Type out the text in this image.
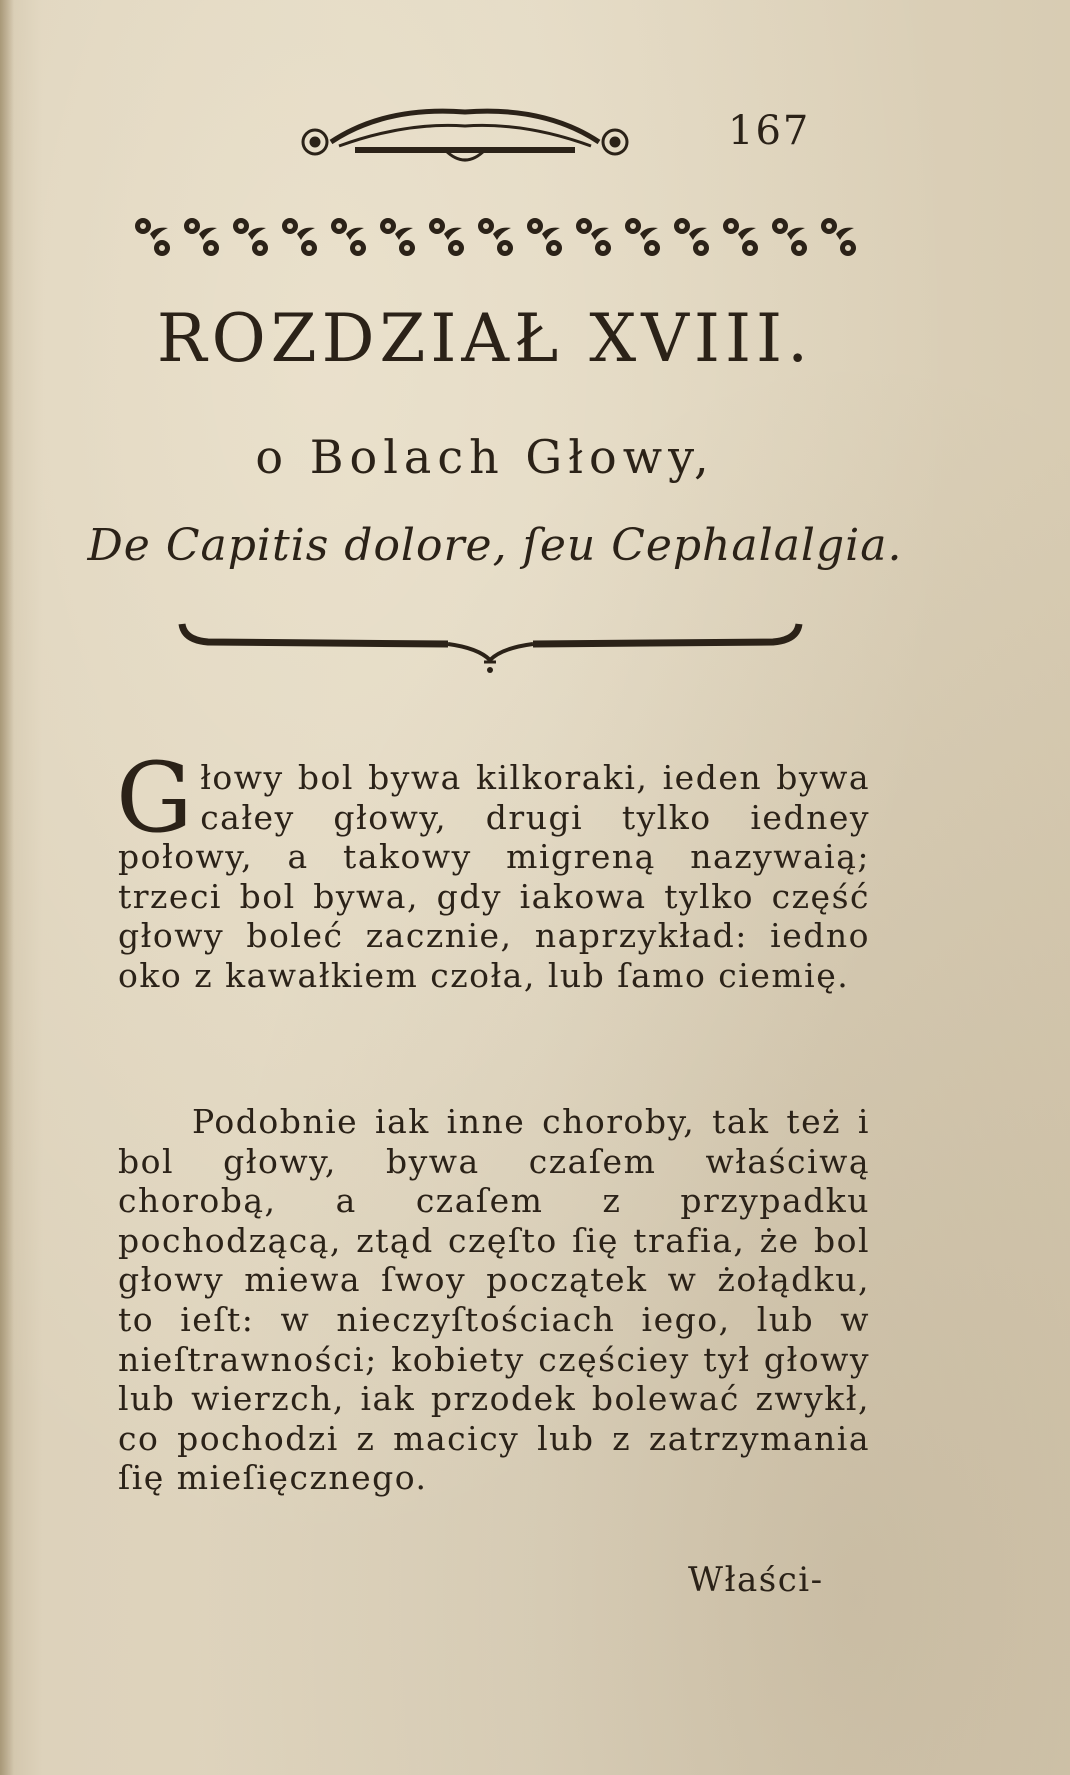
167
ROZDZIAŁ XVIII.
o Bolach Głowy,
De Capitis dolore, ſeu Cephalalgia.

Głowy bol bywa kilkoraki, ieden bywa całey głowy, drugi tylko iedney połowy, a takowy migreną nazywaią; trzeci bol bywa, gdy iakowa tylko część głowy boleć zacznie, naprzykład: iedno oko z kawałkiem czoła, lub ſamo ciemię.

Podobnie iak inne choroby, tak też i bol głowy, bywa czaſem właściwą chorobą, a czaſem z przypadku pochodzącą, ztąd częſto ſię trafia, że bol głowy miewa ſwoy początek w żołądku, to ieſt: w nieczyſtościach iego, lub w nieſtrawności; kobiety częściey tył głowy lub wierzch, iak przodek bolewać zwykł, co pochodzi z macicy lub z zatrzymania ſię mieſięcznego.

Właści-
